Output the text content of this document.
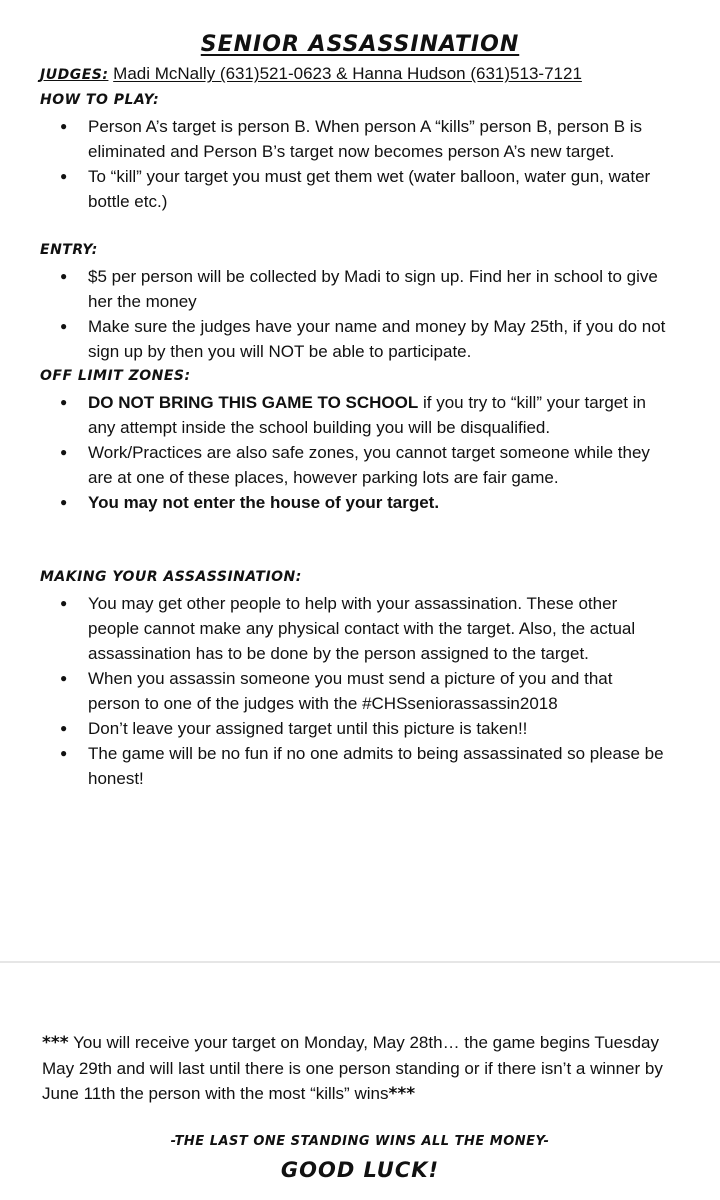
SENIOR ASSASSINATION
JUDGES: Madi McNally (631)521-0623 & Hanna Hudson (631)513-7121
HOW TO PLAY:
● Person A’s target is person B. When person A “kills” person B, person B is eliminated and Person B’s target now becomes person A’s new target.
● To “kill” your target you must get them wet (water balloon, water gun, water bottle etc.)
ENTRY:
● $5 per person will be collected by Madi to sign up. Find her in school to give her the money
● Make sure the judges have your name and money by May 25th, if you do not sign up by then you will NOT be able to participate.
OFF LIMIT ZONES:
● DO NOT BRING THIS GAME TO SCHOOL if you try to “kill” your target in any attempt inside the school building you will be disqualified.
● Work/Practices are also safe zones, you cannot target someone while they are at one of these places, however parking lots are fair game.
● You may not enter the house of your target.
MAKING YOUR ASSASSINATION:
● You may get other people to help with your assassination. These other people cannot make any physical contact with the target. Also, the actual assassination has to be done by the person assigned to the target.
● When you assassin someone you must send a picture of you and that person to one of the judges with the #CHSseniorassassin2018
● Don’t leave your assigned target until this picture is taken!!
● The game will be no fun if no one admits to being assassinated so please be honest!

*** You will receive your target on Monday, May 28th… the game begins Tuesday May 29th and will last until there is one person standing or if there isn’t a winner by June 11th the person with the most “kills” wins***

-THE LAST ONE STANDING WINS ALL THE MONEY-

GOOD LUCK!
